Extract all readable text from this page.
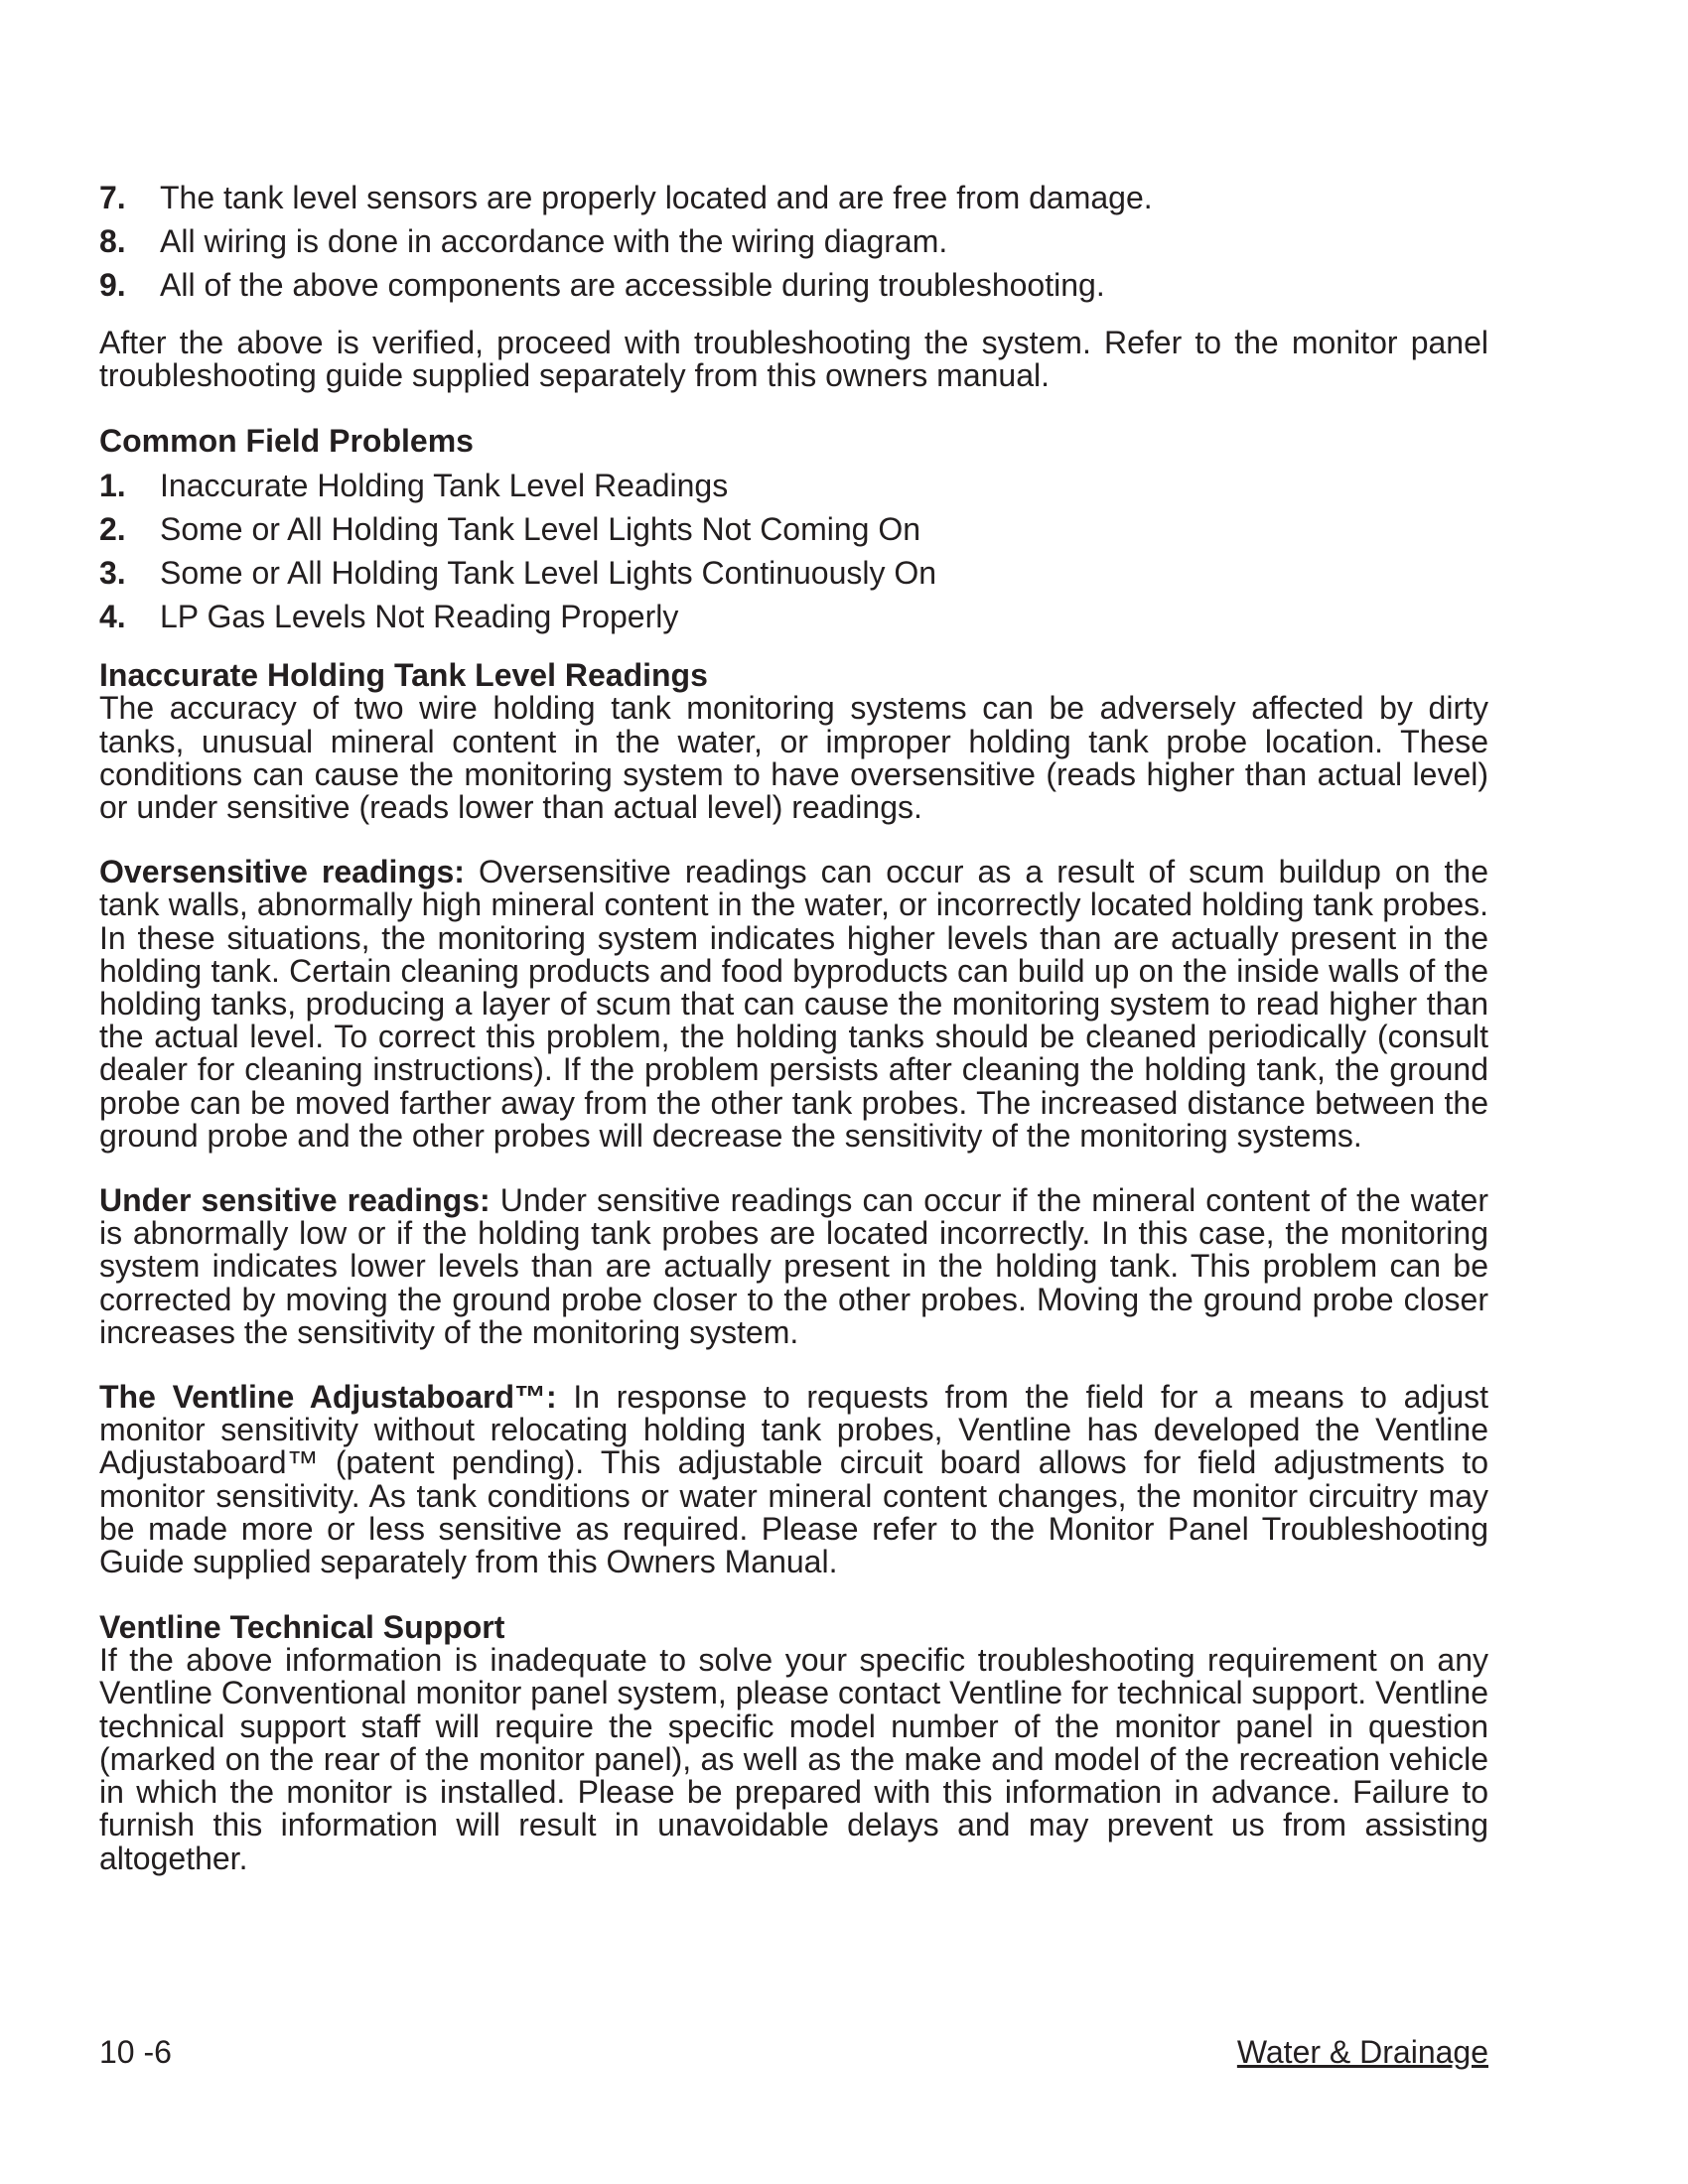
7.	The tank level sensors are properly located and are free from damage.
8.	All wiring is done in accordance with the wiring diagram.
9.	All of the above components are accessible during troubleshooting.

After the above is verified, proceed with troubleshooting the system. Refer to the monitor panel troubleshooting guide supplied separately from this owners manual.

Common Field Problems

1.	Inaccurate Holding Tank Level Readings
2.	Some or All Holding Tank Level Lights Not Coming On
3.	Some or All Holding Tank Level Lights Continuously On
4.	LP Gas Levels Not Reading Properly

Inaccurate Holding Tank Level Readings

The accuracy of two wire holding tank monitoring systems can be adversely affected by dirty tanks, unusual mineral content in the water, or improper holding tank probe location. These conditions can cause the monitoring system to have oversensitive (reads higher than actual level) or under sensitive (reads lower than actual level) readings.

Oversensitive readings: Oversensitive readings can occur as a result of scum buildup on the tank walls, abnormally high mineral content in the water, or incorrectly located holding tank probes. In these situations, the monitoring system indicates higher levels than are actually present in the holding tank. Certain cleaning products and food byproducts can build up on the inside walls of the holding tanks, producing a layer of scum that can cause the monitoring system to read higher than the actual level. To correct this problem, the holding tanks should be cleaned periodically (consult dealer for cleaning instructions). If the problem persists after cleaning the holding tank, the ground probe can be moved farther away from the other tank probes. The increased distance between the ground probe and the other probes will decrease the sensitivity of the monitoring systems.

Under sensitive readings: Under sensitive readings can occur if the mineral content of the water is abnormally low or if the holding tank probes are located incorrectly. In this case, the monitoring system indicates lower levels than are actually present in the holding tank. This problem can be corrected by moving the ground probe closer to the other probes. Moving the ground probe closer increases the sensitivity of the monitoring system.

The Ventline Adjustaboard™: In response to requests from the field for a means to adjust monitor sensitivity without relocating holding tank probes, Ventline has developed the Ventline Adjustaboard™ (patent pending). This adjustable circuit board allows for field adjustments to monitor sensitivity. As tank conditions or water mineral content changes, the monitor circuitry may be made more or less sensitive as required. Please refer to the Monitor Panel Troubleshooting Guide supplied separately from this Owners Manual.

Ventline Technical Support

If the above information is inadequate to solve your specific troubleshooting requirement on any Ventline Conventional monitor panel system, please contact Ventline for technical support. Ventline technical support staff will require the specific model number of the monitor panel in question (marked on the rear of the monitor panel), as well as the make and model of the recreation vehicle in which the monitor is installed. Please be prepared with this information in advance. Failure to furnish this information will result in unavoidable delays and may prevent us from assisting altogether.

10 -6	Water & Drainage
